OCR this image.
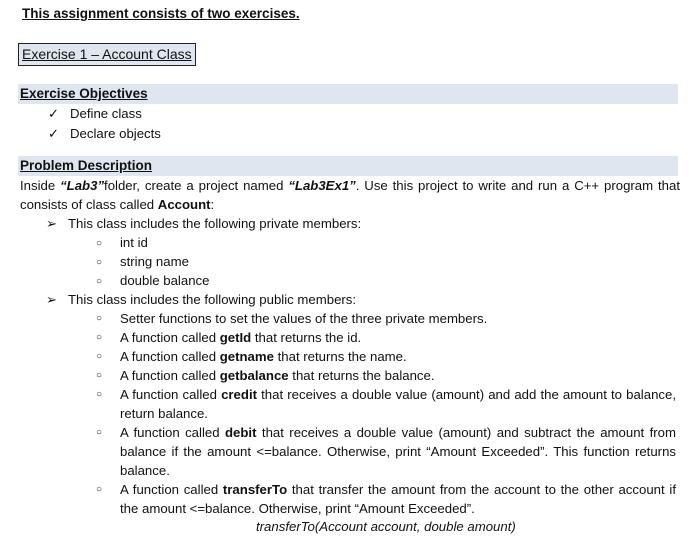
This assignment consists of two exercises.
Exercise 1 – Account Class
Exercise Objectives
✓ Define class
✓ Declare objects
Problem Description
Inside “Lab3”folder, create a project named “Lab3Ex1”. Use this project to write and run a C++ program that consists of class called Account:
➢ This class includes the following private members:
○ int id
○ string name
○ double balance
➢ This class includes the following public members:
○	Setter functions to set the values of the three private members.
○	A function called getId that returns the id.
○	A function called getname that returns the name.
○	A function called getbalance that returns the balance.
○	A function called credit that receives a double value (amount) and add the amount to balance, return balance.
○	A function called debit that receives a double value (amount) and subtract the amount from balance if the amount <=balance. Otherwise, print “Amount Exceeded”. This function returns balance.
○	A function called transferTo that transfer the amount from the account to the other account if the amount <=balance. Otherwise, print “Amount Exceeded”.
transferTo(Account account, double amount)
